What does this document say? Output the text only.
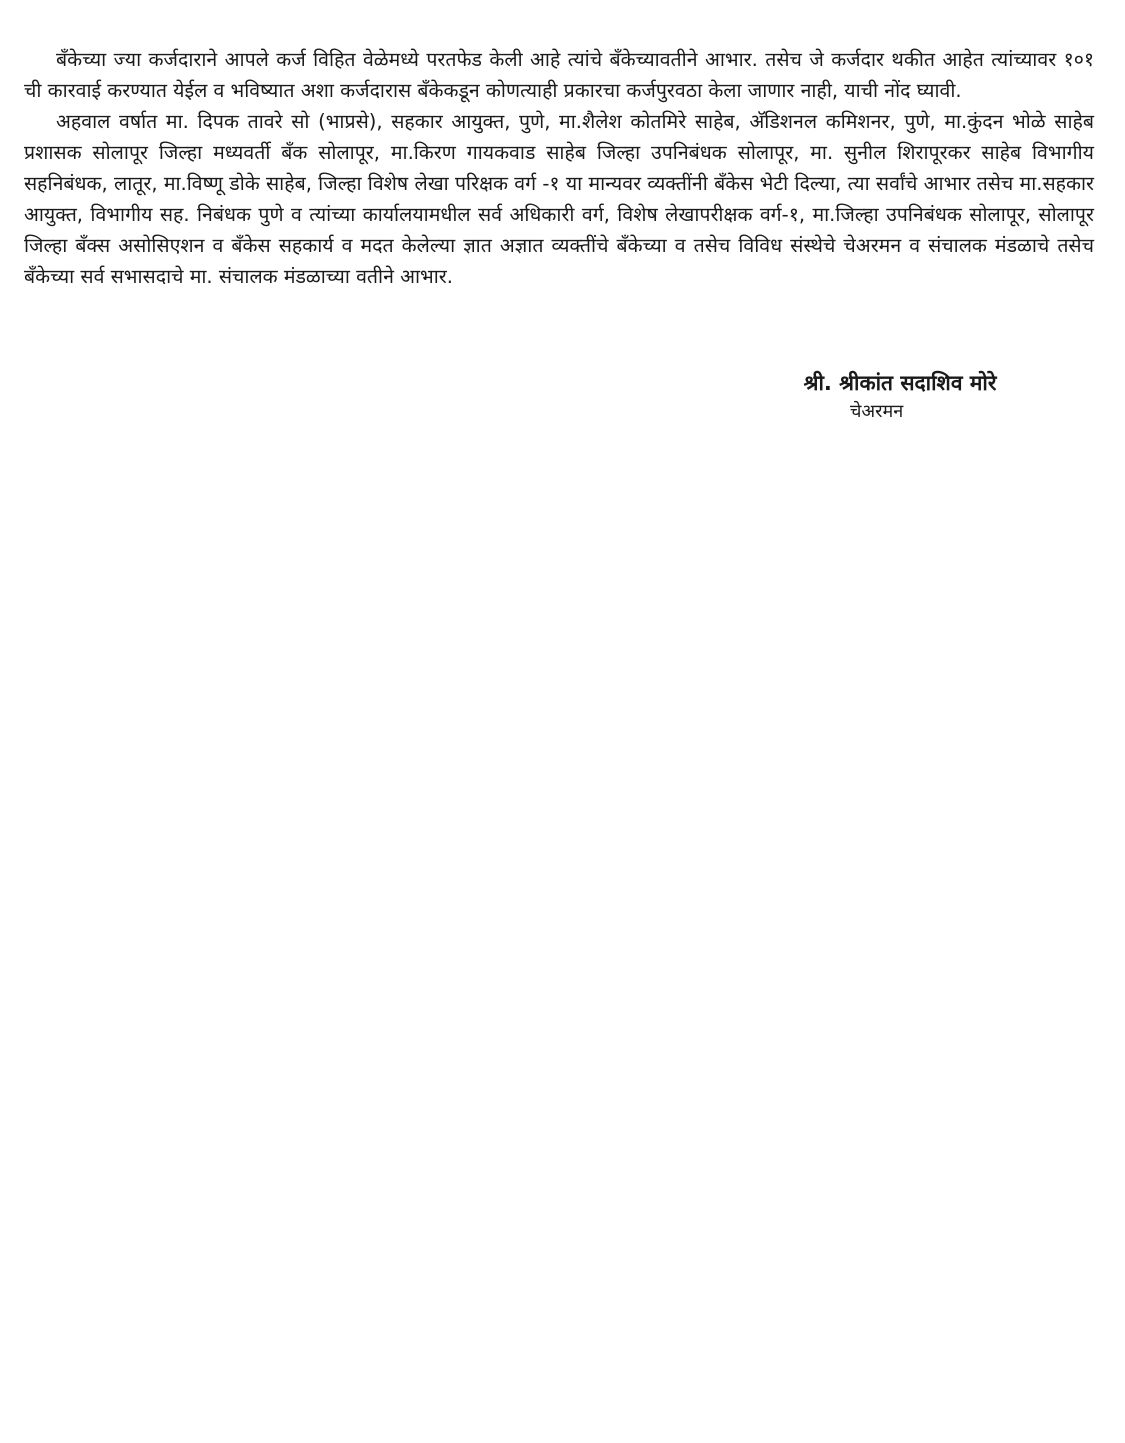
बँकेच्या ज्या कर्जदाराने आपले कर्ज विहित वेळेमध्ये परतफेड केली आहे त्यांचे बँकेच्यावतीने आभार. तसेच जे कर्जदार थकीत आहेत त्यांच्यावर १०१ ची कारवाई करण्यात येईल व भविष्यात अशा कर्जदारास बँकेकडून कोणत्याही प्रकारचा कर्जपुरवठा केला जाणार नाही, याची नोंद घ्यावी.

अहवाल वर्षात मा. दिपक तावरे सो (भाप्रसे), सहकार आयुक्त, पुणे, मा.शैलेश कोतमिरे साहेब, अ‍ॅडिशनल कमिशनर, पुणे, मा.कुंदन भोळे साहेब प्रशासक सोलापूर जिल्हा मध्यवर्ती बँक सोलापूर, मा.किरण गायकवाड साहेब जिल्हा उपनिबंधक सोलापूर, मा. सुनील शिरापूरकर साहेब विभागीय सहनिबंधक, लातूर, मा.विष्णू डोके साहेब, जिल्हा विशेष लेखा परिक्षक वर्ग -१ या मान्यवर व्यक्तींनी बँकेस भेटी दिल्या, त्या सर्वांचे आभार तसेच मा.सहकार आयुक्त, विभागीय सह. निबंधक पुणे व त्यांच्या कार्यालयामधील सर्व अधिकारी वर्ग, विशेष लेखापरीक्षक वर्ग-१, मा.जिल्हा उपनिबंधक सोलापूर, सोलापूर जिल्हा बँक्स असोसिएशन व बँकेस सहकार्य व मदत केलेल्या ज्ञात अज्ञात व्यक्तींचे बँकेच्या व तसेच विविध संस्थेचे चेअरमन व संचालक मंडळाचे तसेच बँकेच्या सर्व सभासदाचे मा. संचालक मंडळाच्या वतीने आभार.

श्री. श्रीकांत सदाशिव मोरे
चेअरमन
